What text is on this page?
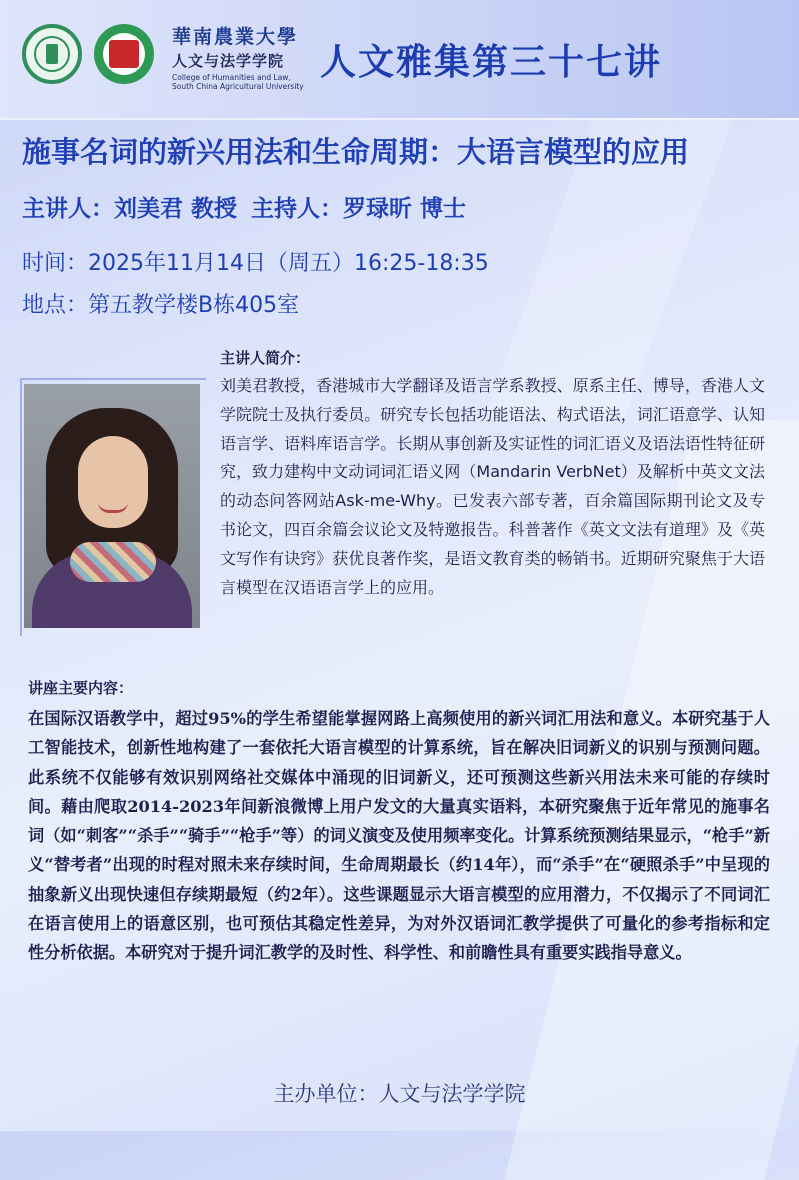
華南農業大學
人文与法学学院
College of Humanities and Law,
South China Agricultural University
人文雅集第三十七讲
施事名词的新兴用法和生命周期：大语言模型的应用
主讲人：刘美君 教授 主持人：罗琭昕 博士
时间：2025年11月14日（周五）16:25-18:35
地点：第五教学楼B栋405室
主讲人简介：
刘美君教授，香港城市大学翻译及语言学系教授、原系主任、博导，香港人文学院院士及执行委员。研究专长包括功能语法、构式语法，词汇语意学、认知语言学、语料库语言学。长期从事创新及实证性的词汇语义及语法语性特征研究，致力建构中文动词词汇语义网（Mandarin VerbNet）及解析中英文文法的动态问答网站Ask-me-Why。已发表六部专著，百余篇国际期刊论文及专书论文，四百余篇会议论文及特邀报告。科普著作《英文文法有道理》及《英文写作有诀窍》获优良著作奖，是语文教育类的畅销书。近期研究聚焦于大语言模型在汉语语言学上的应用。
讲座主要内容：
在国际汉语教学中，超过95%的学生希望能掌握网路上高频使用的新兴词汇用法和意义。本研究基于人工智能技术，创新性地构建了一套依托大语言模型的计算系统，旨在解决旧词新义的识别与预测问题。此系统不仅能够有效识别网络社交媒体中涌现的旧词新义，还可预测这些新兴用法未来可能的存续时间。藉由爬取2014-2023年间新浪微博上用户发文的大量真实语料，本研究聚焦于近年常见的施事名词（如“刺客”“杀手”“骑手”“枪手”等）的词义演变及使用频率变化。计算系统预测结果显示，“枪手”新义“替考者”出现的时程对照未来存续时间，生命周期最长（约14年），而“杀手”在“硬照杀手”中呈现的抽象新义出现快速但存续期最短（约2年）。这些课题显示大语言模型的应用潜力，不仅揭示了不同词汇在语言使用上的语意区别，也可预估其稳定性差异，为对外汉语词汇教学提供了可量化的参考指标和定性分析依据。本研究对于提升词汇教学的及时性、科学性、和前瞻性具有重要实践指导意义。
主办单位：人文与法学学院
